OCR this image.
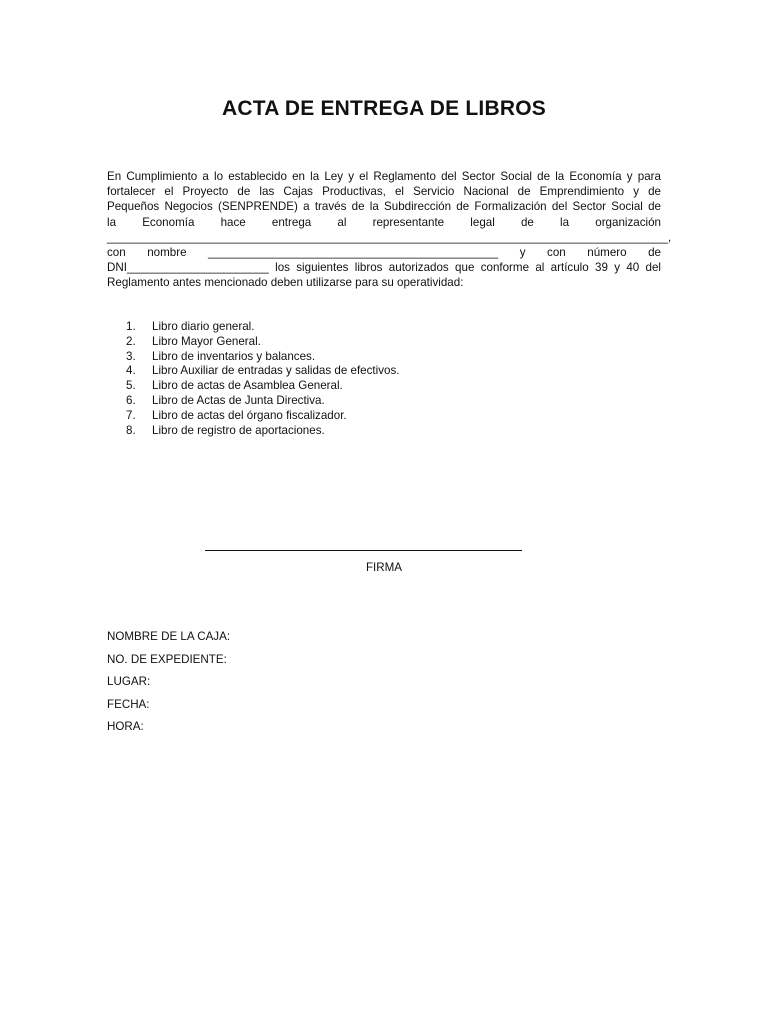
ACTA DE ENTREGA DE LIBROS
En Cumplimiento a lo establecido en la Ley y el Reglamento del Sector Social de la Economía y para
fortalecer el Proyecto de las Cajas Productivas, el Servicio Nacional de Emprendimiento y de
Pequeños Negocios (SENPRENDE) a través de la Subdirección de Formalización del Sector Social de
la Economía hace entrega al representante legal de la organización
_______________________________________________________________________________________,
con nombre _____________________________________________ y con número de
DNI______________________ los siguientes libros autorizados que conforme al artículo 39 y 40 del
Reglamento antes mencionado deben utilizarse para su operatividad:
1.	Libro diario general.
2.	Libro Mayor General.
3.	Libro de inventarios y balances.
4.	Libro Auxiliar de entradas y salidas de efectivos.
5.	Libro de actas de Asamblea General.
6.	Libro de Actas de Junta Directiva.
7.	Libro de actas del órgano fiscalizador.
8.	Libro de registro de aportaciones.
FIRMA
NOMBRE DE LA CAJA:
NO. DE EXPEDIENTE:
LUGAR:
FECHA:
HORA:
